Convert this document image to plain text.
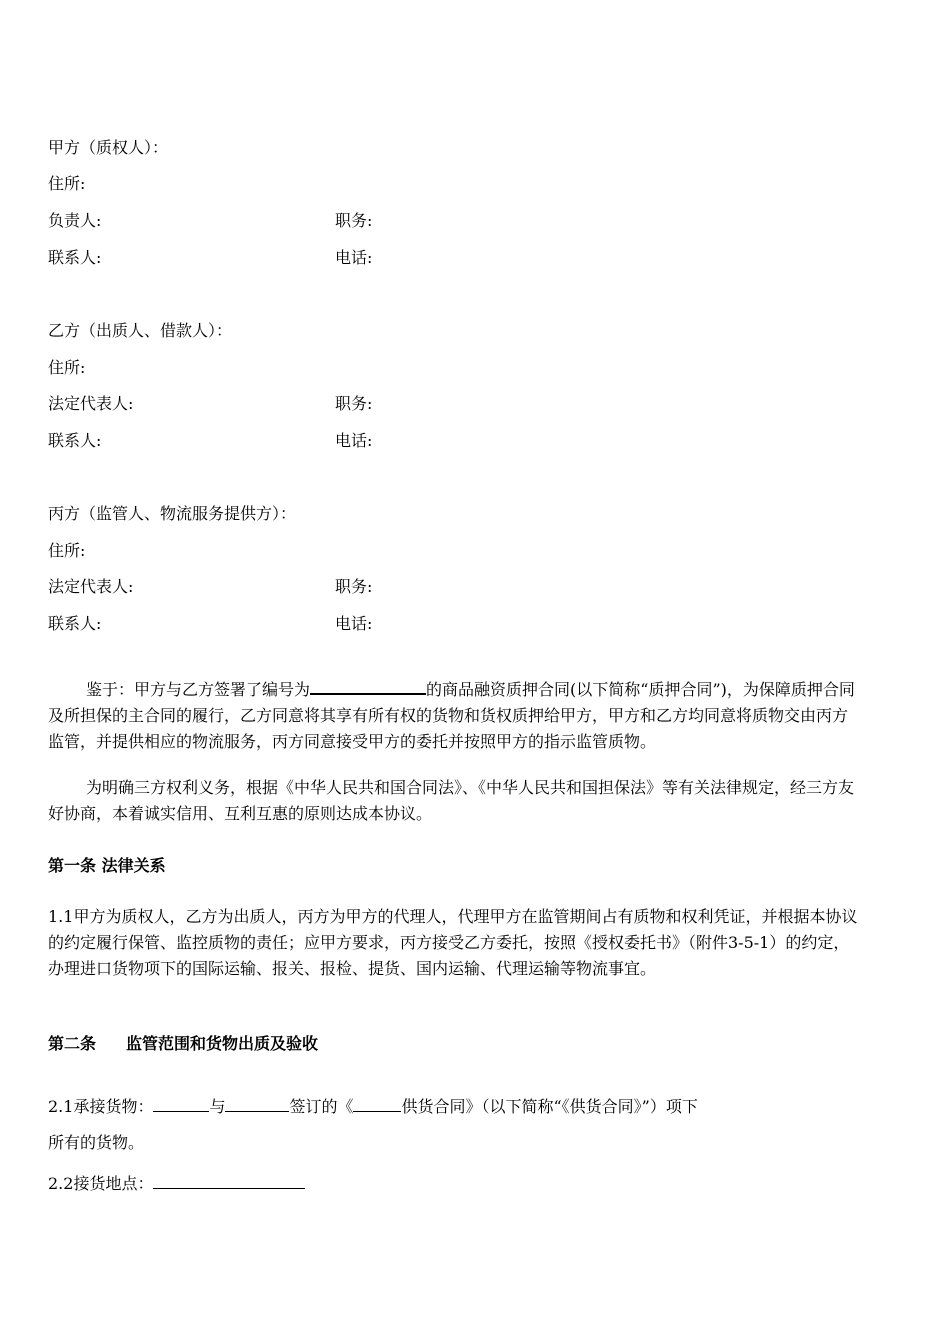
甲方（质权人）：
住所:
负责人:	职务:
联系人:	电话:
乙方（出质人、借款人）：
住所:
法定代表人:	职务:
联系人:	电话:
丙方（监管人、物流服务提供方）：
住所:
法定代表人:	职务:
联系人:	电话:
鉴于：甲方与乙方签署了编号为	的商品融资质押合同(以下简称“质押合同”)，为保障质押合同及所担保的主合同的履行，乙方同意将其享有所有权的货物和货权质押给甲方，甲方和乙方均同意将质物交由丙方监管，并提供相应的物流服务，丙方同意接受甲方的委托并按照甲方的指示监管质物。
为明确三方权利义务，根据《中华人民共和国合同法》、《中华人民共和国担保法》等有关法律规定，经三方友好协商，本着诚实信用、互利互惠的原则达成本协议。
第一条 法律关系
1.1甲方为质权人，乙方为出质人，丙方为甲方的代理人，代理甲方在监管期间占有质物和权利凭证，并根据本协议的约定履行保管、监控质物的责任；应甲方要求，丙方接受乙方委托，按照《授权委托书》（附件3-5-1）的约定，办理进口货物项下的国际运输、报关、报检、提货、国内运输、代理运输等物流事宜。
第二条 监管范围和货物出质及验收
2.1承接货物：	与	签订的《	供货合同》（以下简称“《供货合同》”）项下
所有的货物。
2.2接货地点：
